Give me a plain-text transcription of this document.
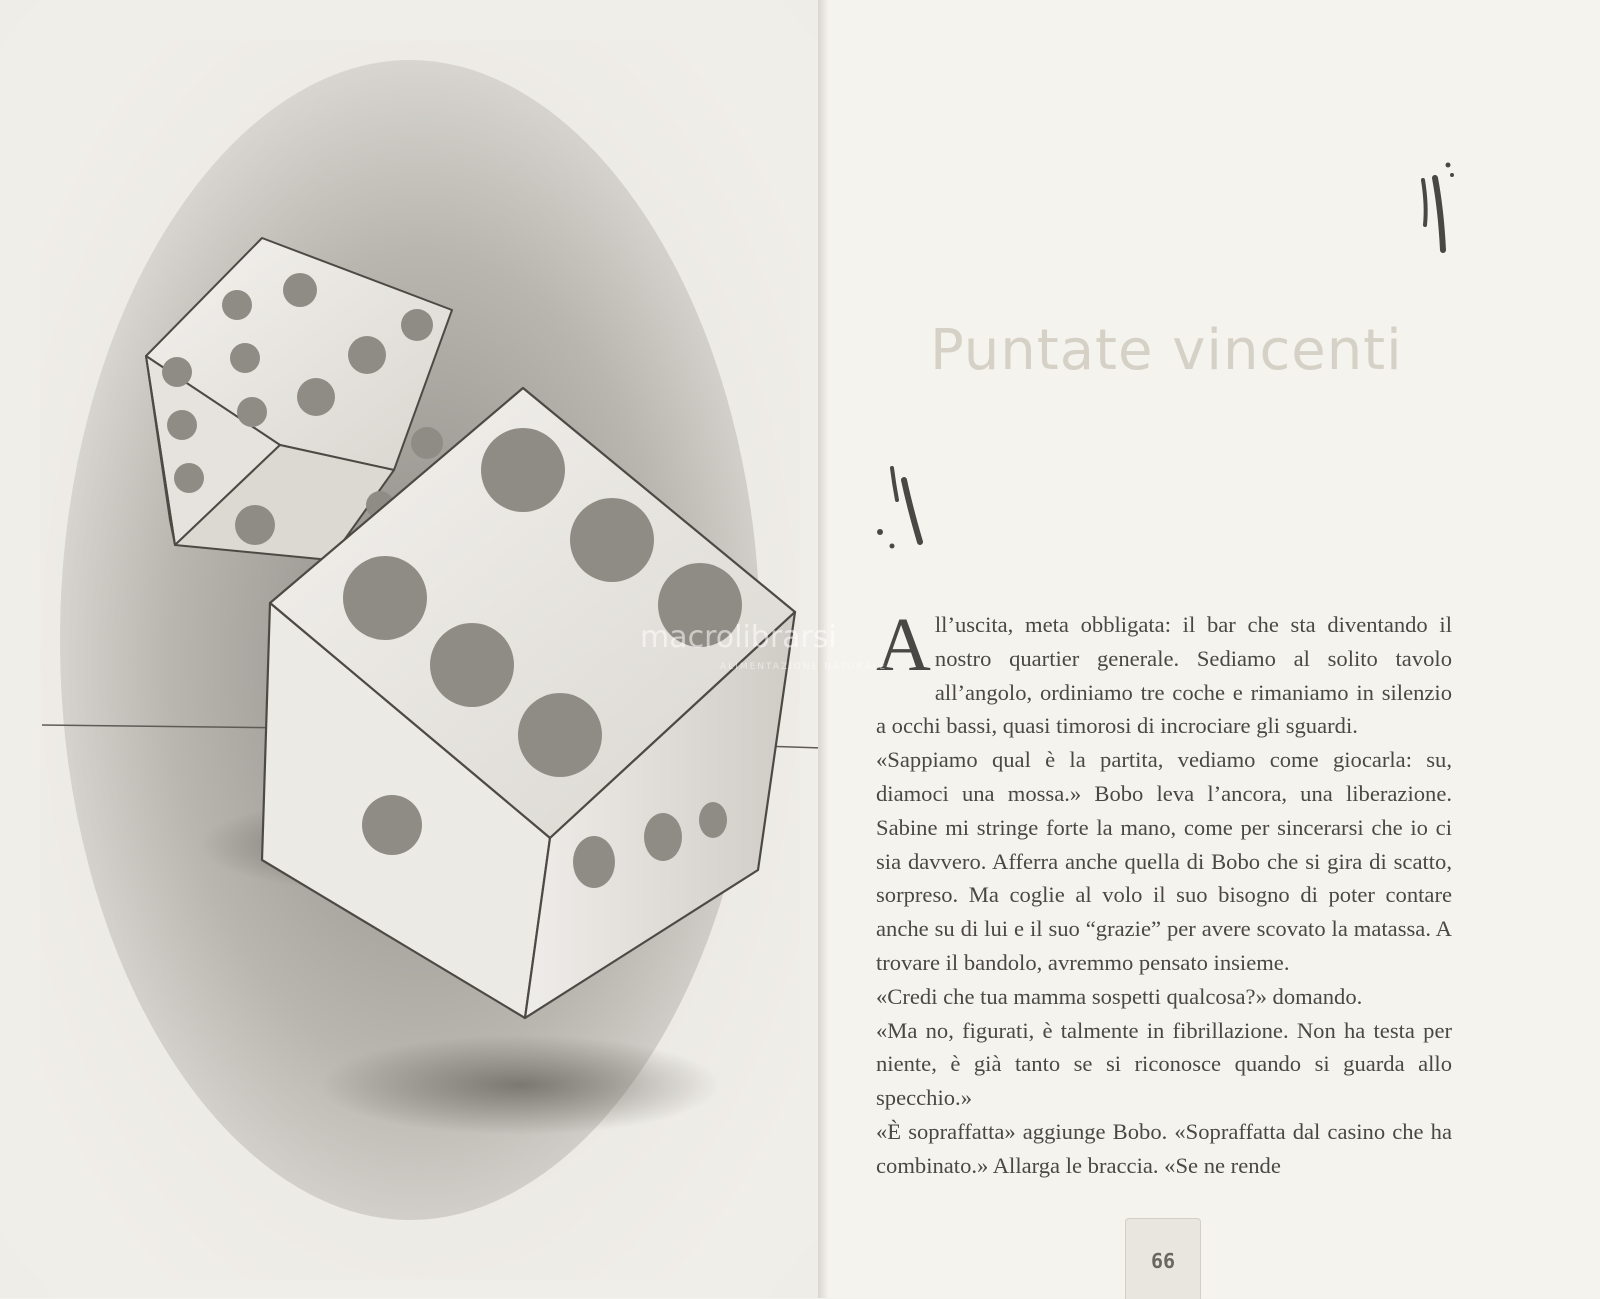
Puntate vincenti

All’uscita, meta obbligata: il bar che sta diventando il nostro quartier generale. Sediamo al solito tavolo all’angolo, ordiniamo tre coche e rimaniamo in silenzio a occhi bassi, quasi timorosi di incrociare gli sguardi.

«Sappiamo qual è la partita, vediamo come giocarla: su, diamoci una mossa.» Bobo leva l’ancora, una liberazione. Sabine mi stringe forte la mano, come per sincerarsi che io ci sia davvero. Afferra anche quella di Bobo che si gira di scatto, sorpreso. Ma coglie al volo il suo bisogno di poter contare anche su di lui e il suo “grazie” per avere scovato la matassa. A trovare il bandolo, avremmo pensato insieme.

«Credi che tua mamma sospetti qualcosa?» domando.

«Ma no, figurati, è talmente in fibrillazione. Non ha testa per niente, è già tanto se si riconosce quando si guarda allo specchio.»

«È sopraffatta» aggiunge Bobo. «Sopraffatta dal casino che ha combinato.» Allarga le braccia. «Se ne rende

macrolibrarsi
ALIMENTAZIONE NATURALE
66
